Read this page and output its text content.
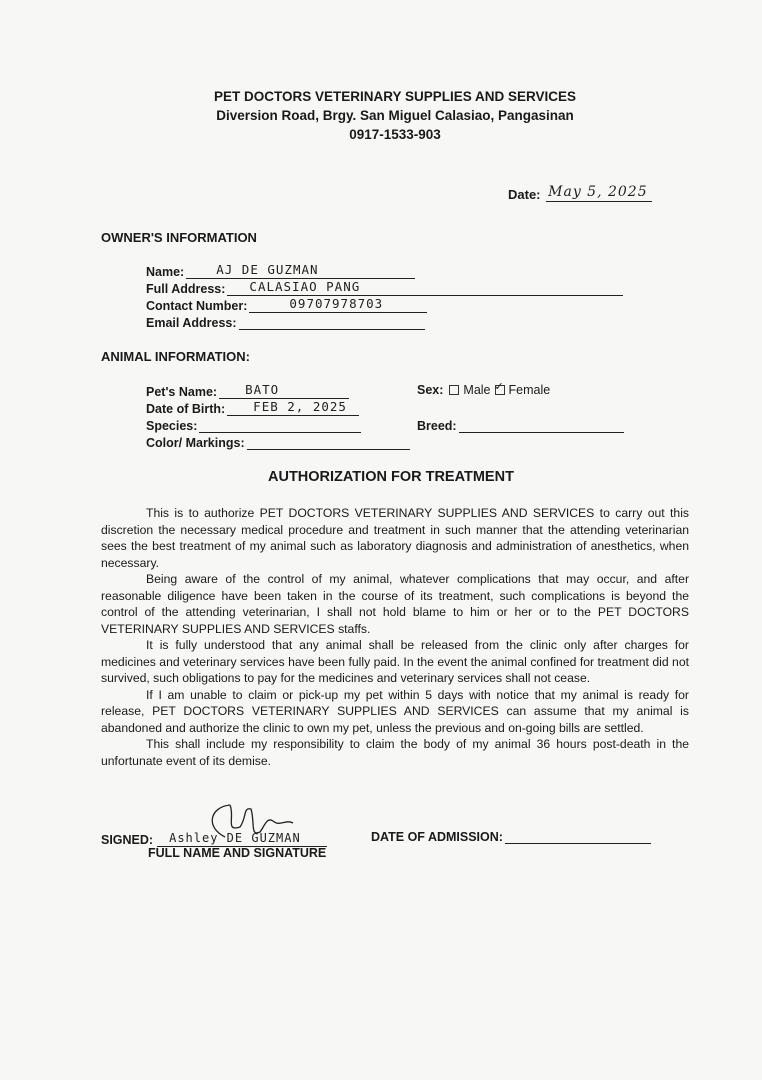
PET DOCTORS VETERINARY SUPPLIES AND SERVICES
Diversion Road, Brgy. San Miguel Calasiao, Pangasinan
0917-1533-903
Date: May 5, 2025
OWNER'S INFORMATION
Name:	AJ DE GUZMAN
Full Address: CALASIAO PANG
Contact Number:	09707978703
Email Address:
ANIMAL INFORMATION:
Pet's Name: BATO
Date of Birth: FEB 2, 2025
Species:
Color/ Markings:
Sex: Male
✓ Female
Breed:
AUTHORIZATION FOR TREATMENT

This is to authorize PET DOCTORS VETERINARY SUPPLIES AND SERVICES to carry out this discretion the necessary medical procedure and treatment in such manner that the attending veterinarian sees the best treatment of my animal such as laboratory diagnosis and administration of anesthetics, when necessary.

Being aware of the control of my animal, whatever complications that may occur, and after reasonable diligence have been taken in the course of its treatment, such complications is beyond the control of the attending veterinarian, I shall not hold blame to him or her or to the PET DOCTORS VETERINARY SUPPLIES AND SERVICES staffs.

It is fully understood that any animal shall be released from the clinic only after charges for medicines and veterinary services have been fully paid. In the event the animal confined for treatment did not survived, such obligations to pay for the medicines and veterinary services shall not cease.

If I am unable to claim or pick-up my pet within 5 days with notice that my animal is ready for release, PET DOCTORS VETERINARY SUPPLIES AND SERVICES can assume that my animal is abandoned and authorize the clinic to own my pet, unless the previous and on-going bills are settled.

This shall include my responsibility to claim the body of my animal 36 hours post-death in the unfortunate event of its demise.

SIGNED: Ashley DE GUZMAN
FULL NAME AND SIGNATURE
DATE OF ADMISSION:
